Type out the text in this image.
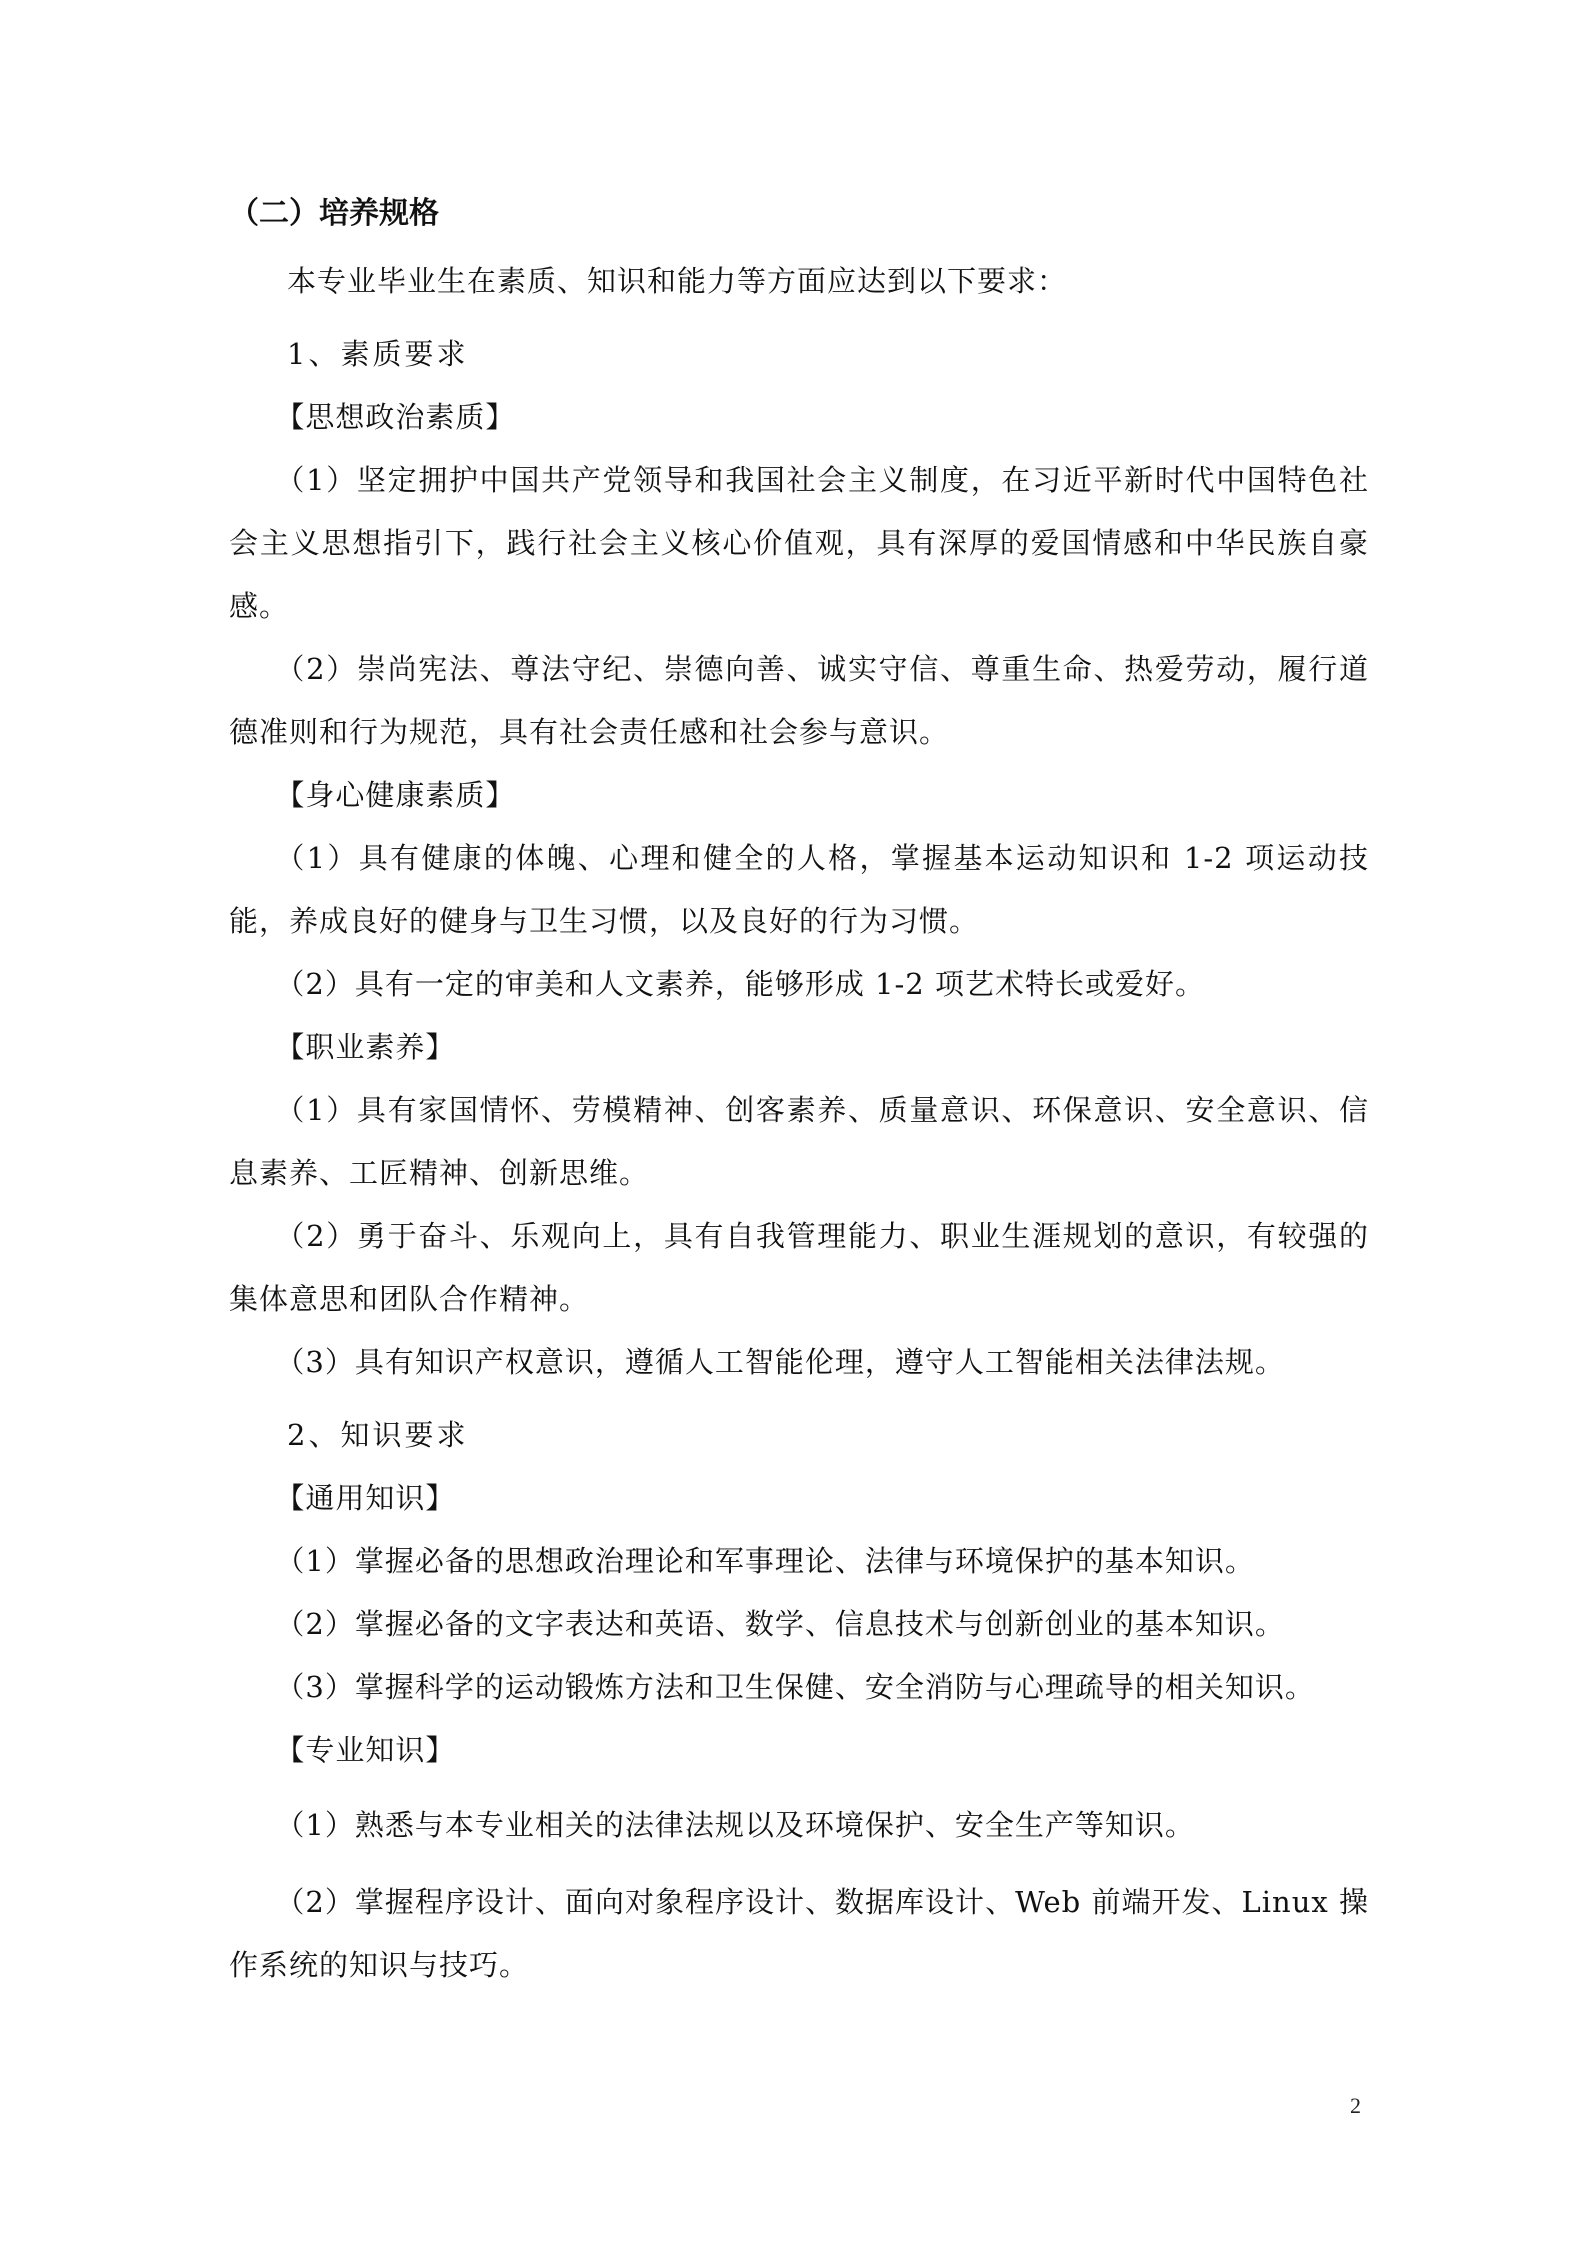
（二）培养规格

本专业毕业生在素质、知识和能力等方面应达到以下要求：

1、素质要求

【思想政治素质】

（1）坚定拥护中国共产党领导和我国社会主义制度，在习近平新时代中国特色社会主义思想指引下，践行社会主义核心价值观，具有深厚的爱国情感和中华民族自豪感。

（2）崇尚宪法、尊法守纪、崇德向善、诚实守信、尊重生命、热爱劳动，履行道德准则和行为规范，具有社会责任感和社会参与意识。

【身心健康素质】

（1）具有健康的体魄、心理和健全的人格，掌握基本运动知识和 1-2 项运动技能，养成良好的健身与卫生习惯，以及良好的行为习惯。

（2）具有一定的审美和人文素养，能够形成 1-2 项艺术特长或爱好。

【职业素养】

（1）具有家国情怀、劳模精神、创客素养、质量意识、环保意识、安全意识、信息素养、工匠精神、创新思维。

（2）勇于奋斗、乐观向上，具有自我管理能力、职业生涯规划的意识，有较强的集体意思和团队合作精神。

（3）具有知识产权意识，遵循人工智能伦理，遵守人工智能相关法律法规。

2、知识要求

【通用知识】

（1）掌握必备的思想政治理论和军事理论、法律与环境保护的基本知识。

（2）掌握必备的文字表达和英语、数学、信息技术与创新创业的基本知识。

（3）掌握科学的运动锻炼方法和卫生保健、安全消防与心理疏导的相关知识。

【专业知识】

（1）熟悉与本专业相关的法律法规以及环境保护、安全生产等知识。

（2）掌握程序设计、面向对象程序设计、数据库设计、Web 前端开发、Linux 操作系统的知识与技巧。

2
